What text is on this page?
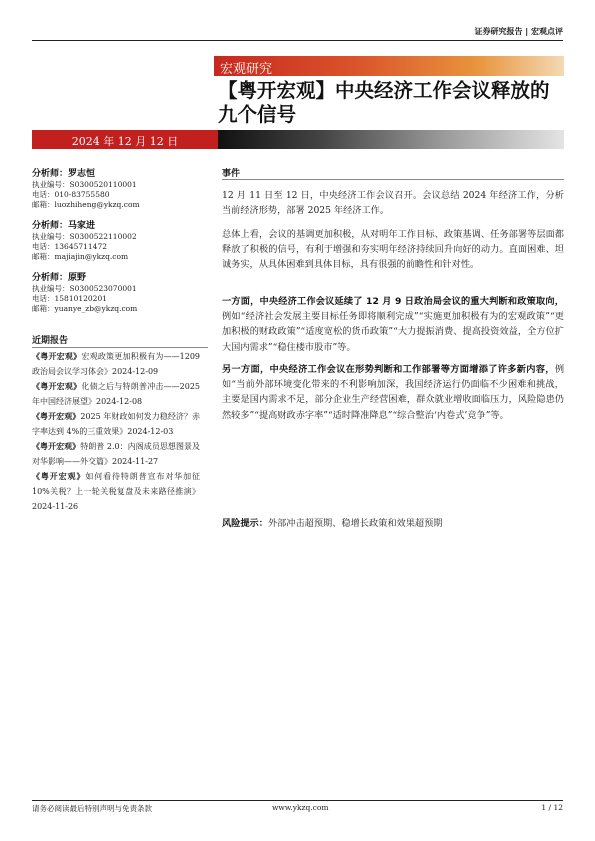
证券研究报告 | 宏观点评
宏观研究
【粤开宏观】中央经济工作会议释放的九个信号
2024 年 12 月 12 日
分析师：罗志恒
执业编号：S0300520110001
电话：010-83755580
邮箱：luozhiheng@ykzq.com
分析师：马家进
执业编号：S0300522110002
电话：13645711472
邮箱：majiajin@ykzq.com
分析师：原野
执业编号：S0300523070001
电话：15810120201
邮箱：yuanye_zb@ykzq.com
近期报告
《粤开宏观》宏观政策更加积极有为——1209 政治局会议学习体会》2024-12-09
《粤开宏观》化债之后与特朗普冲击——2025 年中国经济展望》2024-12-08
《粤开宏观》2025 年财政如何发力稳经济？赤字率达到 4%的三重效果》2024-12-03
《粤开宏观》特朗普 2.0：内阁成员思想图景及对华影响——外交篇》2024-11-27
《粤开宏观》如何看待特朗普宣布对华加征 10%关税？上一轮关税复盘及未来路径推演》2024-11-26
事件
12 月 11 日至 12 日，中央经济工作会议召开。会议总结 2024 年经济工作，分析当前经济形势，部署 2025 年经济工作。
总体上看，会议的基调更加积极，从对明年工作目标、政策基调、任务部署等层面都释放了积极的信号，有利于增强和夯实明年经济持续回升向好的动力。直面困难、坦诚务实，从具体困难到具体目标，具有很强的前瞻性和针对性。
一方面，中央经济工作会议延续了 12 月 9 日政治局会议的重大判断和政策取向，例如“经济社会发展主要目标任务即将顺利完成”“实施更加积极有为的宏观政策”“更加积极的财政政策”“适度宽松的货币政策”“大力提振消费、提高投资效益，全方位扩大国内需求”“稳住楼市股市”等。
另一方面，中央经济工作会议在形势判断和工作部署等方面增添了许多新内容，例如“当前外部环境变化带来的不利影响加深，我国经济运行仍面临不少困难和挑战，主要是国内需求不足，部分企业生产经营困难，群众就业增收面临压力，风险隐患仍然较多”“提高财政赤字率”“适时降准降息”“综合整治‘内卷式’竞争”等。
风险提示：外部冲击超预期、稳增长政策和效果超预期
请务必阅读最后特别声明与免责条款	www.ykzq.com	1 / 12
